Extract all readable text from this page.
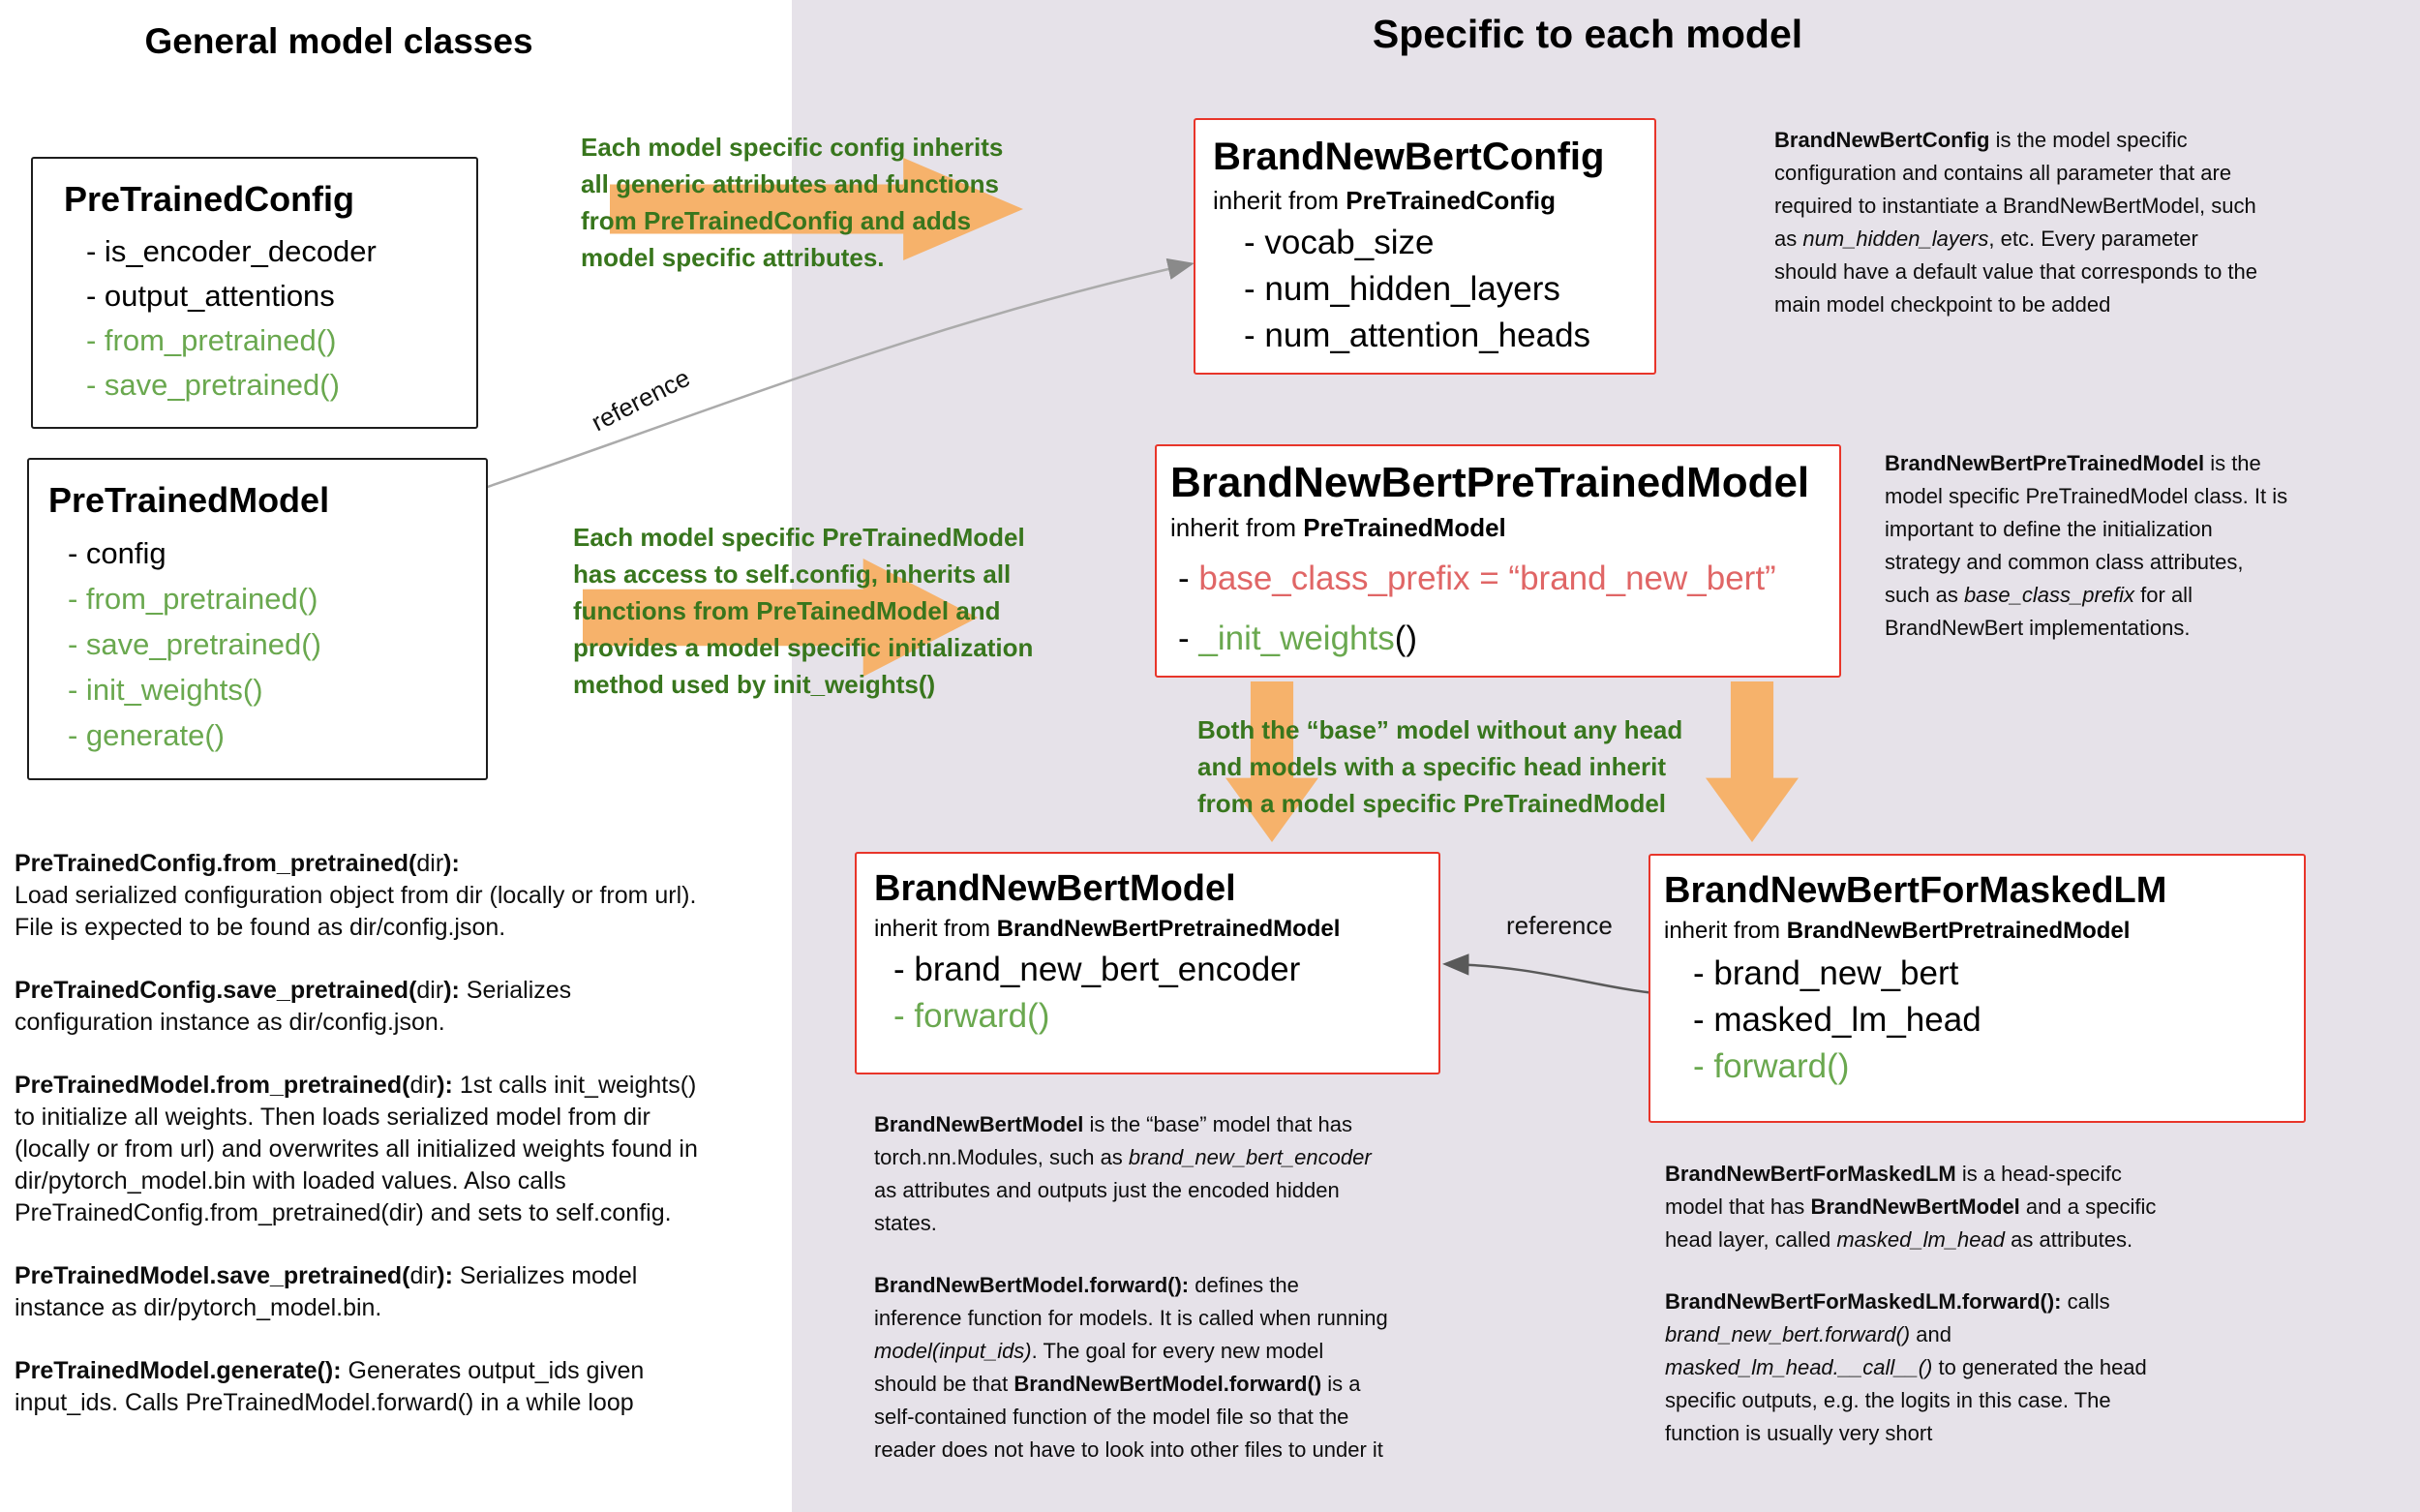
General model classes	Specific to each model
reference
reference
Each model specific config inherits
all generic attributes and functions
from PreTrainedConfig and adds
model specific attributes.
Each model specific PreTrainedModel
has access to self.config, inherits all
functions from PreTainedModel and
provides a model specific initialization
method used by init_weights()
Both the “base” model without any head
and models with a specific head inherit
from a model specific PreTrainedModel
PreTrainedConfig
- is_encoder_decoder
- output_attentions
- from_pretrained()
- save_pretrained()
PreTrainedModel
- config
- from_pretrained()
- save_pretrained()
- init_weights()
- generate()
BrandNewBertConfig
inherit from PreTrainedConfig
- vocab_size
- num_hidden_layers
- num_attention_heads
BrandNewBertPreTrainedModel
inherit from PreTrainedModel
- base_class_prefix = “brand_new_bert”
- _init_weights()
BrandNewBertModel
inherit from BrandNewBertPretrainedModel
- brand_new_bert_encoder
- forward()
BrandNewBertForMaskedLM
inherit from BrandNewBertPretrainedModel
- brand_new_bert
- masked_lm_head
- forward()
BrandNewBertConfig is the model specific
configuration and contains all parameter that are
required to instantiate a BrandNewBertModel, such
as num_hidden_layers, etc. Every parameter
should have a default value that corresponds to the
main model checkpoint to be added
BrandNewBertPreTrainedModel is the
model specific PreTrainedModel class. It is
important to define the initialization
strategy and common class attributes,
such as base_class_prefix for all
BrandNewBert implementations.
PreTrainedConfig.from_pretrained(dir):
Load serialized configuration object from dir (locally or from url).
File is expected to be found as dir/config.json.
PreTrainedConfig.save_pretrained(dir): Serializes
configuration instance as dir/config.json.
PreTrainedModel.from_pretrained(dir): 1st calls init_weights()
to initialize all weights. Then loads serialized model from dir
(locally or from url) and overwrites all initialized weights found in
dir/pytorch_model.bin with loaded values. Also calls
PreTrainedConfig.from_pretrained(dir) and sets to self.config.
PreTrainedModel.save_pretrained(dir): Serializes model
instance as dir/pytorch_model.bin.
PreTrainedModel.generate(): Generates output_ids given
input_ids. Calls PreTrainedModel.forward() in a while loop
BrandNewBertModel is the “base” model that has
torch.nn.Modules, such as brand_new_bert_encoder
as attributes and outputs just the encoded hidden
states.
BrandNewBertModel.forward(): defines the
inference function for models. It is called when running
model(input_ids). The goal for every new model
should be that BrandNewBertModel.forward() is a
self-contained function of the model file so that the
reader does not have to look into other files to under it
BrandNewBertForMaskedLM is a head-specifc
model that has BrandNewBertModel and a specific
head layer, called masked_lm_head as attributes.
BrandNewBertForMaskedLM.forward(): calls
brand_new_bert.forward() and
masked_lm_head.__call__() to generated the head
specific outputs, e.g. the logits in this case. The
function is usually very short
